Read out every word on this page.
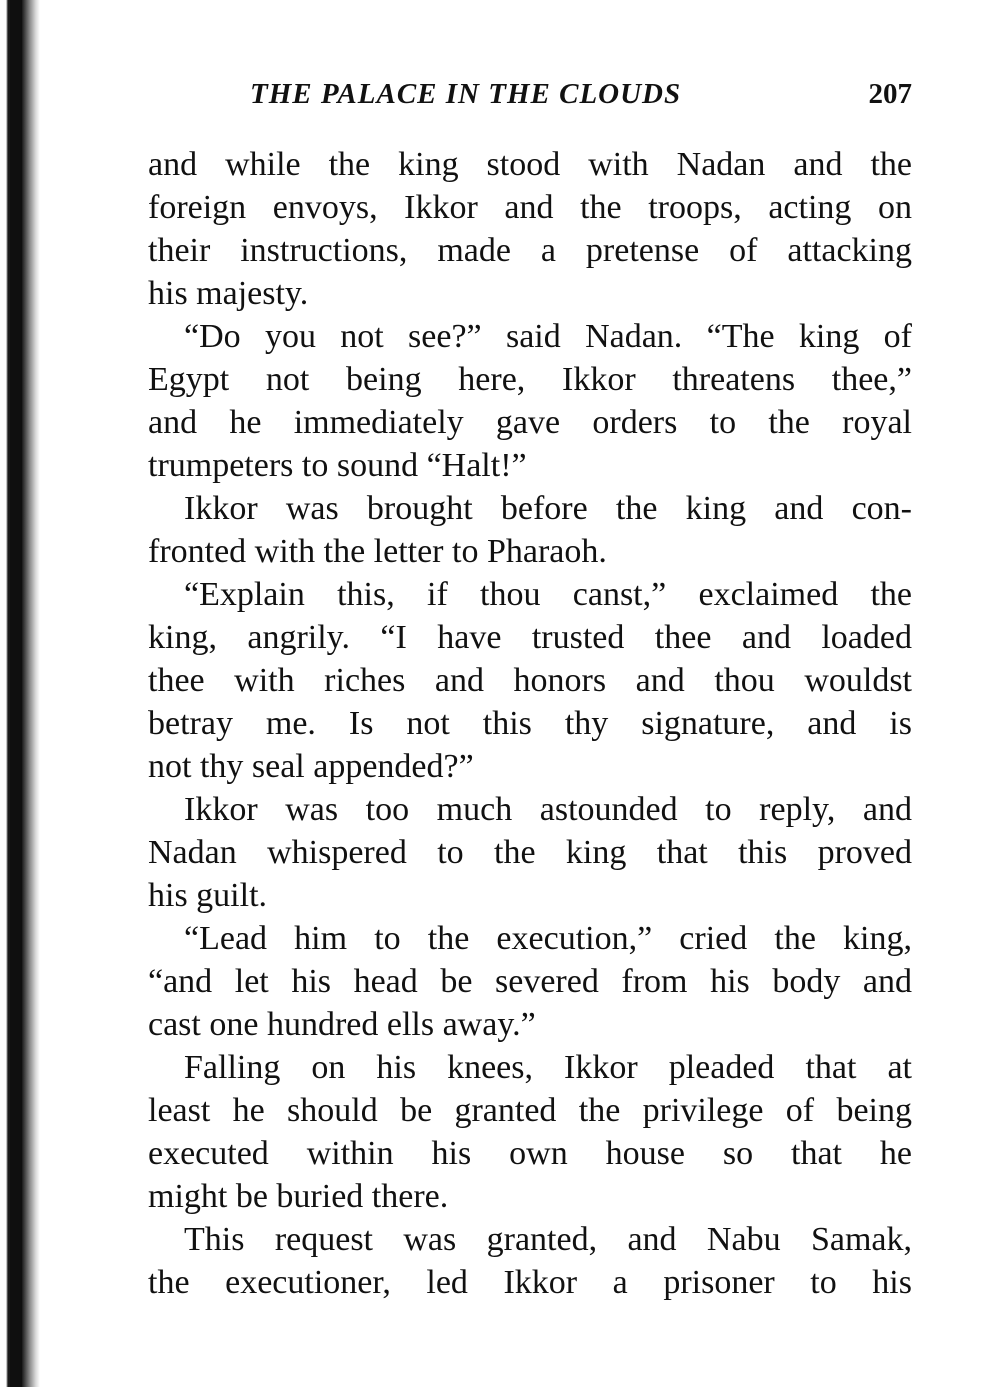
THE PALACE IN THE CLOUDS	207
and while the king stood with Nadan and the
foreign envoys, Ikkor and the troops, acting on
their instructions, made a pretense of attacking
his majesty.
“Do you not see?” said Nadan. “The king of
Egypt not being here, Ikkor threatens thee,”
and he immediately gave orders to the royal
trumpeters to sound “Halt!”
Ikkor was brought before the king and con-
fronted with the letter to Pharaoh.
“Explain this, if thou canst,” exclaimed the
king, angrily. “I have trusted thee and loaded
thee with riches and honors and thou wouldst
betray me. Is not this thy signature, and is
not thy seal appended?”
Ikkor was too much astounded to reply, and
Nadan whispered to the king that this proved
his guilt.
“Lead him to the execution,” cried the king,
“and let his head be severed from his body and
cast one hundred ells away.”
Falling on his knees, Ikkor pleaded that at
least he should be granted the privilege of being
executed within his own house so that he
might be buried there.
This request was granted, and Nabu Samak,
the executioner, led Ikkor a prisoner to his
